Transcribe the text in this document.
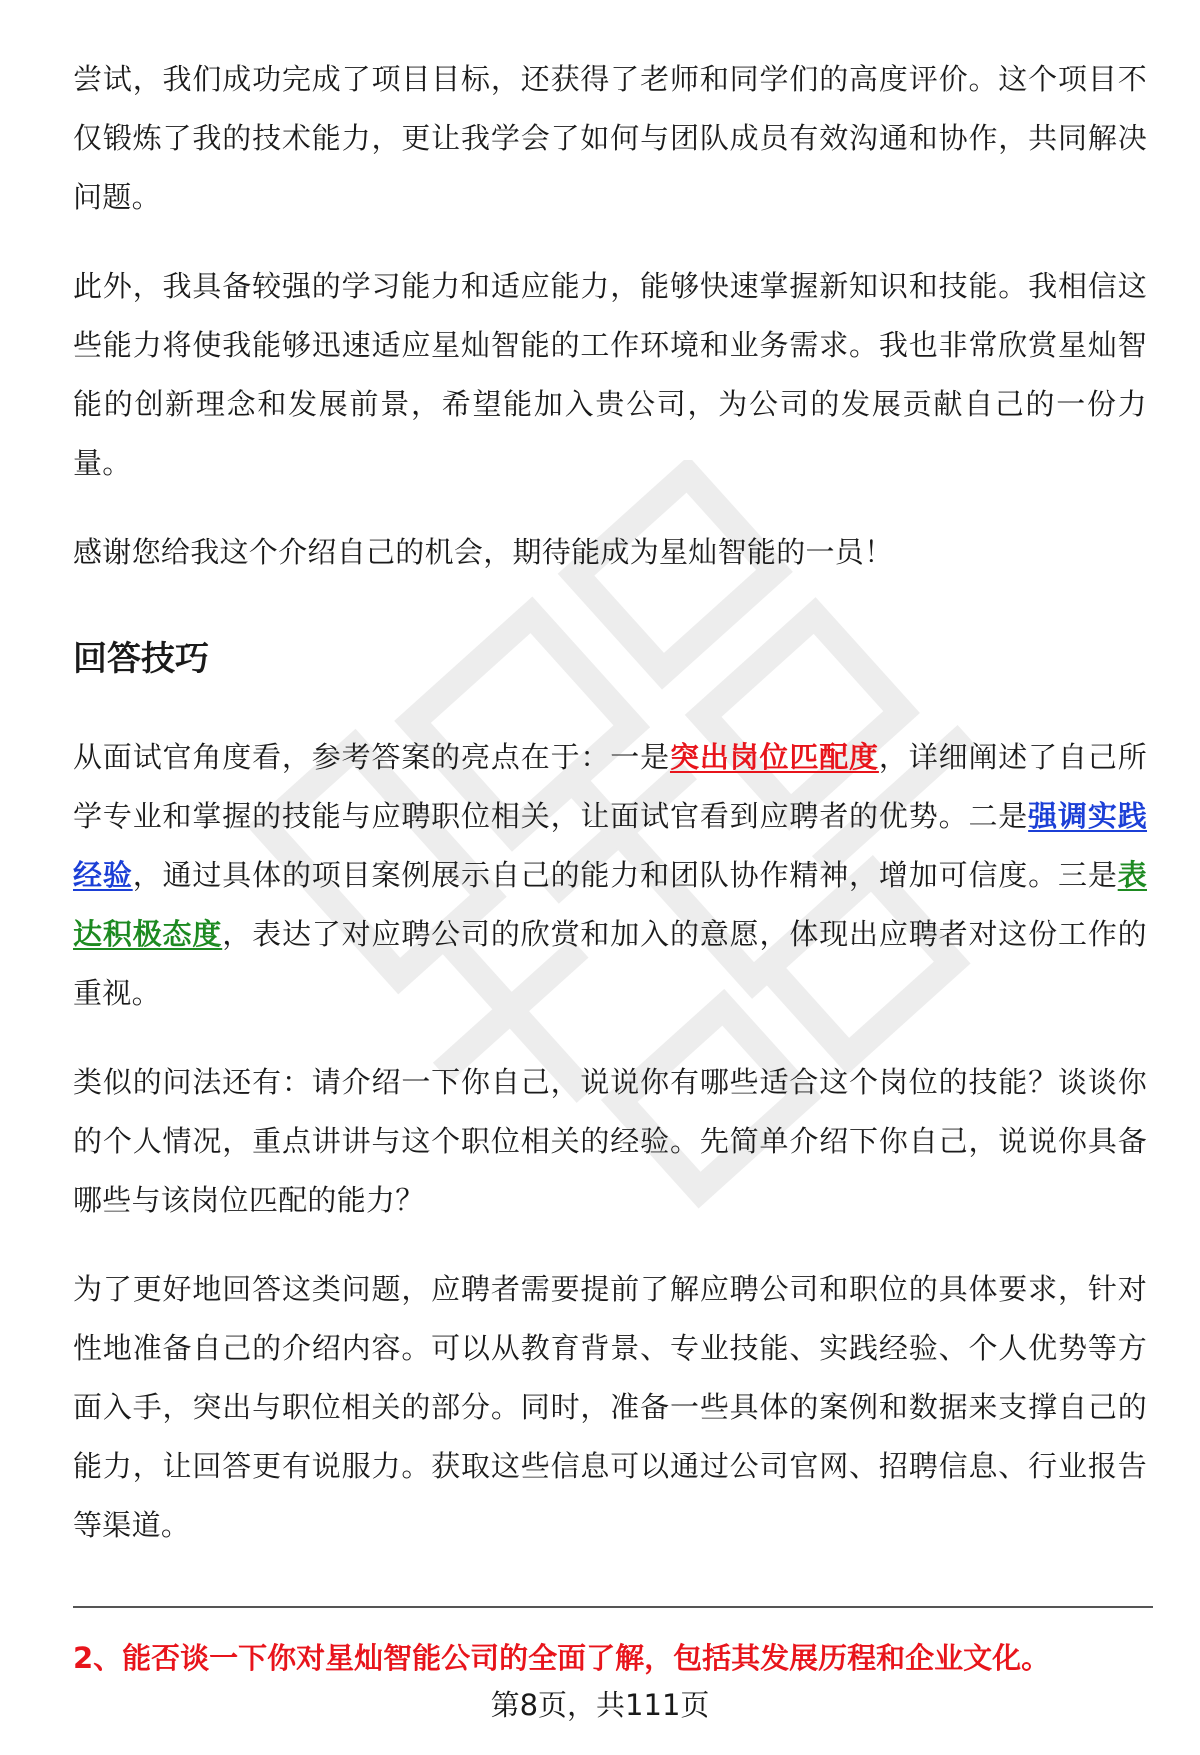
尝试，我们成功完成了项目目标，还获得了老师和同学们的高度评价。这个项目不仅锻炼了我的技术能力，更让我学会了如何与团队成员有效沟通和协作，共同解决问题。

此外，我具备较强的学习能力和适应能力，能够快速掌握新知识和技能。我相信这些能力将使我能够迅速适应星灿智能的工作环境和业务需求。我也非常欣赏星灿智能的创新理念和发展前景，希望能加入贵公司，为公司的发展贡献自己的一份力量。

感谢您给我这个介绍自己的机会，期待能成为星灿智能的一员！

回答技巧

从面试官角度看，参考答案的亮点在于：一是突出岗位匹配度，详细阐述了自己所学专业和掌握的技能与应聘职位相关，让面试官看到应聘者的优势。二是强调实践经验，通过具体的项目案例展示自己的能力和团队协作精神，增加可信度。三是表达积极态度，表达了对应聘公司的欣赏和加入的意愿，体现出应聘者对这份工作的重视。

类似的问法还有：请介绍一下你自己，说说你有哪些适合这个岗位的技能？谈谈你的个人情况，重点讲讲与这个职位相关的经验。先简单介绍下你自己，说说你具备哪些与该岗位匹配的能力？

为了更好地回答这类问题，应聘者需要提前了解应聘公司和职位的具体要求，针对性地准备自己的介绍内容。可以从教育背景、专业技能、实践经验、个人优势等方面入手，突出与职位相关的部分。同时，准备一些具体的案例和数据来支撑自己的能力，让回答更有说服力。获取这些信息可以通过公司官网、招聘信息、行业报告等渠道。

2、能否谈一下你对星灿智能公司的全面了解，包括其发展历程和企业文化。
第8页，共111页
